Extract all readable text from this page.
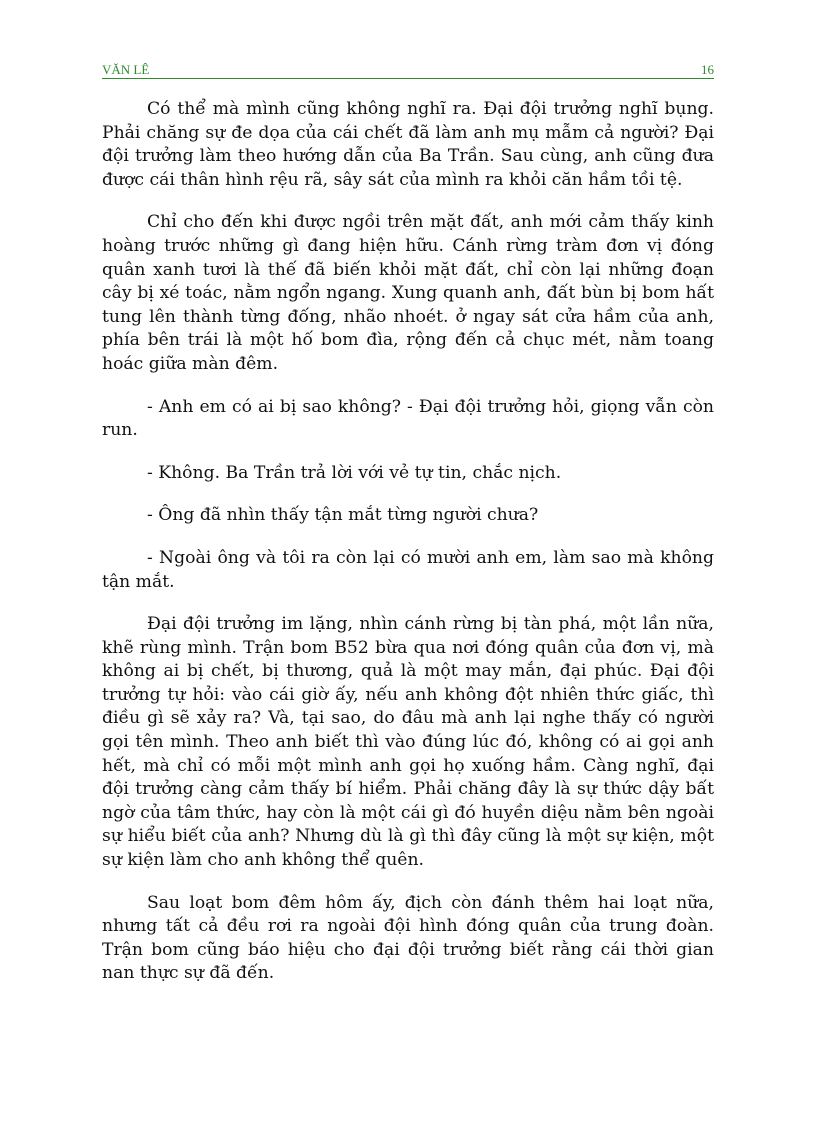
VĂN LÊ	16

Có thể mà mình cũng không nghĩ ra. Đại đội trưởng nghĩ bụng. Phải chăng sự đe dọa của cái chết đã làm anh mụ mẫm cả người? Đại đội trưởng làm theo hướng dẫn của Ba Trần. Sau cùng, anh cũng đưa được cái thân hình rệu rã, sây sát của mình ra khỏi căn hầm tồi tệ.

Chỉ cho đến khi được ngồi trên mặt đất, anh mới cảm thấy kinh hoàng trước những gì đang hiện hữu. Cánh rừng tràm đơn vị đóng quân xanh tươi là thế đã biến khỏi mặt đất, chỉ còn lại những đoạn cây bị xé toác, nằm ngổn ngang. Xung quanh anh, đất bùn bị bom hất tung lên thành từng đống, nhão nhoét. ở ngay sát cửa hầm của anh, phía bên trái là một hố bom đìa, rộng đến cả chục mét, nằm toang hoác giữa màn đêm.

- Anh em có ai bị sao không? - Đại đội trưởng hỏi, giọng vẫn còn run.

- Không. Ba Trần trả lời với vẻ tự tin, chắc nịch.

- Ông đã nhìn thấy tận mắt từng người chưa?

- Ngoài ông và tôi ra còn lại có mười anh em, làm sao mà không tận mắt.

Đại đội trưởng im lặng, nhìn cánh rừng bị tàn phá, một lần nữa, khẽ rùng mình. Trận bom B52 bừa qua nơi đóng quân của đơn vị, mà không ai bị chết, bị thương, quả là một may mắn, đại phúc. Đại đội trưởng tự hỏi: vào cái giờ ấy, nếu anh không đột nhiên thức giấc, thì điều gì sẽ xảy ra? Và, tại sao, do đâu mà anh lại nghe thấy có người gọi tên mình. Theo anh biết thì vào đúng lúc đó, không có ai gọi anh hết, mà chỉ có mỗi một mình anh gọi họ xuống hầm. Càng nghĩ, đại đội trưởng càng cảm thấy bí hiểm. Phải chăng đây là sự thức dậy bất ngờ của tâm thức, hay còn là một cái gì đó huyền diệu nằm bên ngoài sự hiểu biết của anh? Nhưng dù là gì thì đây cũng là một sự kiện, một sự kiện làm cho anh không thể quên.

Sau loạt bom đêm hôm ấy, địch còn đánh thêm hai loạt nữa, nhưng tất cả đều rơi ra ngoài đội hình đóng quân của trung đoàn. Trận bom cũng báo hiệu cho đại đội trưởng biết rằng cái thời gian nan thực sự đã đến.
